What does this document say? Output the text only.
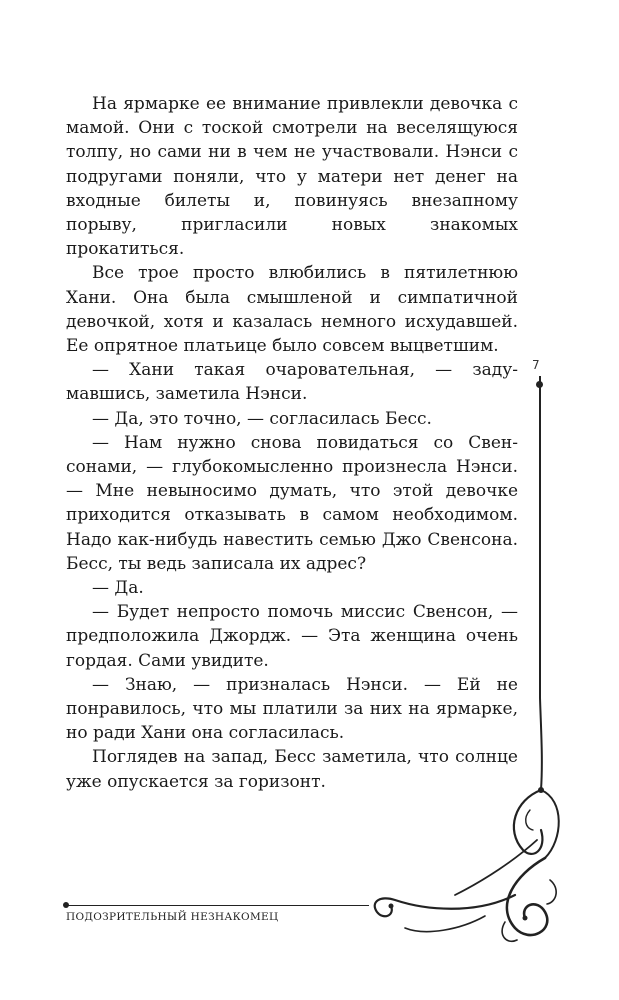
На ярмарке ее внимание привлекли девочка с мамой. Они с тоской смотрели на веселящуюся толпу, но сами ни в чем не участвовали. Нэнси с подругами поняли, что у матери нет денег на входные билеты и, повинуясь внезапному порыву, пригласили новых знакомых прокатиться.

Все трое просто влюбились в пятилетнюю Хани. Она была смышленой и симпатичной девочкой, хотя и казалась немного исхудавшей. Ее опрятное платьице было совсем выцветшим.

— Хани такая очаровательная, — задумавшись, заметила Нэнси.

— Да, это точно, — согласилась Бесс.

— Нам нужно снова повидаться со Свенсонами, — глубокомысленно произнесла Нэнси. — Мне невыносимо думать, что этой девочке приходится отказывать в самом необходимом. Надо как-нибудь навестить семью Джо Свенсона. Бесс, ты ведь записала их адрес?

— Да.

— Будет непросто помочь миссис Свенсон, — предположила Джордж. — Эта женщина очень гордая. Сами увидите.

— Знаю, — призналась Нэнси. — Ей не понравилось, что мы платили за них на ярмарке, но ради Хани она согласилась.

Поглядев на запад, Бесс заметила, что солнце уже опускается за горизонт.

7
ПОДОЗРИТЕЛЬНЫЙ НЕЗНАКОМЕЦ
